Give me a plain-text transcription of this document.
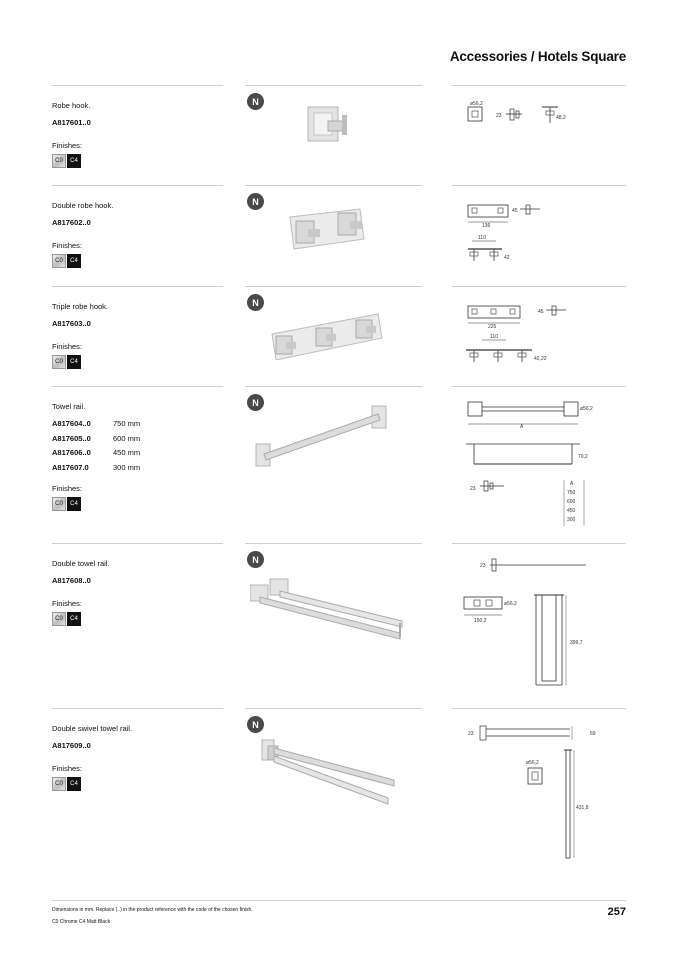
Accessories / Hotels Square
Robe hook.
A817601..0
Finishes:
C0	C4
N	ø56,2
23	48,2
Double robe hook.
A817602..0
Finishes:
C0	C4
N
136
45
110
42
Triple robe hook.
A817603..0
Finishes:
C0	C4
N
225
45
110
42,22
Towel rail.
A817604..0	750 mm
A817605..0	600 mm
A817606..0	450 mm
A817607.0	300 mm
Finishes:
C0	C4
N
ø56,2
A
70,2
23
A
750
600
450
300
Double towel rail.
A817608..0
Finishes:
C0	C4
N
23
ø56,2
150,2
399,7
Double swivel towel rail.
A817609..0
Finishes:
C0	C4
N
23	69
ø56,2
431,8
Dimensions in mm. Replace (..) in the product reference with the code of the chosen finish.
C0 Chrome C4 Matt Black
257
